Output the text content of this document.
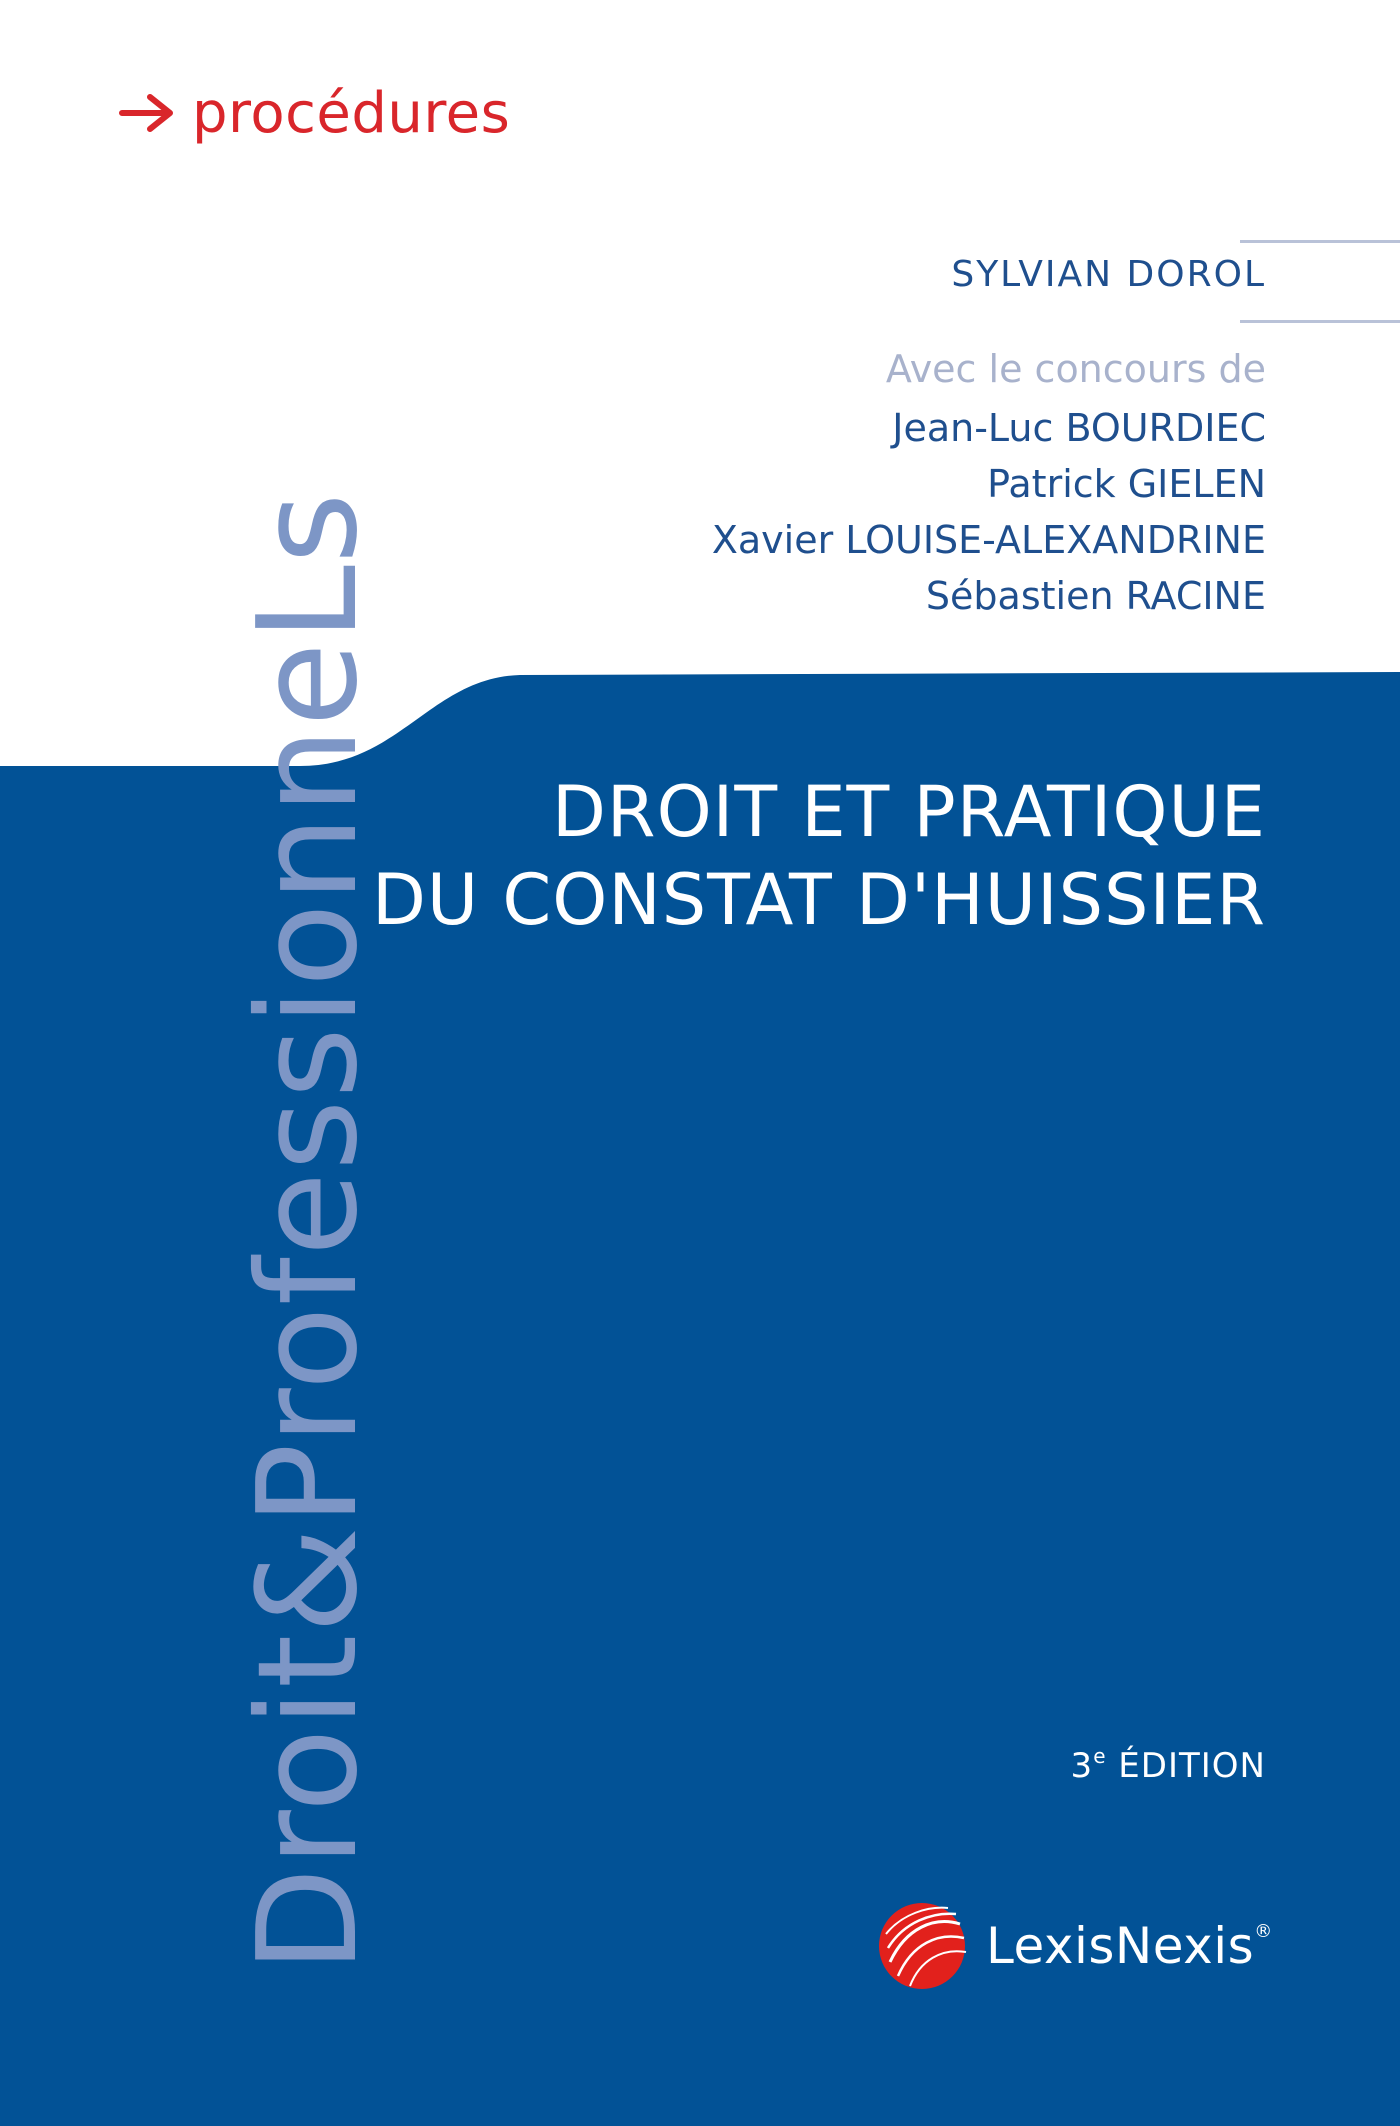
procédures
SYLVIAN DOROL
Avec le concours de
Jean-Luc BOURDIEC
Patrick GIELEN
Xavier LOUISE-ALEXANDRINE
Sébastien RACINE
Droit&ProfessionneLs	DROIT ET PRATIQUE
DU CONSTAT D'HUISSIER
3e ÉDITION
LexisNexis®
